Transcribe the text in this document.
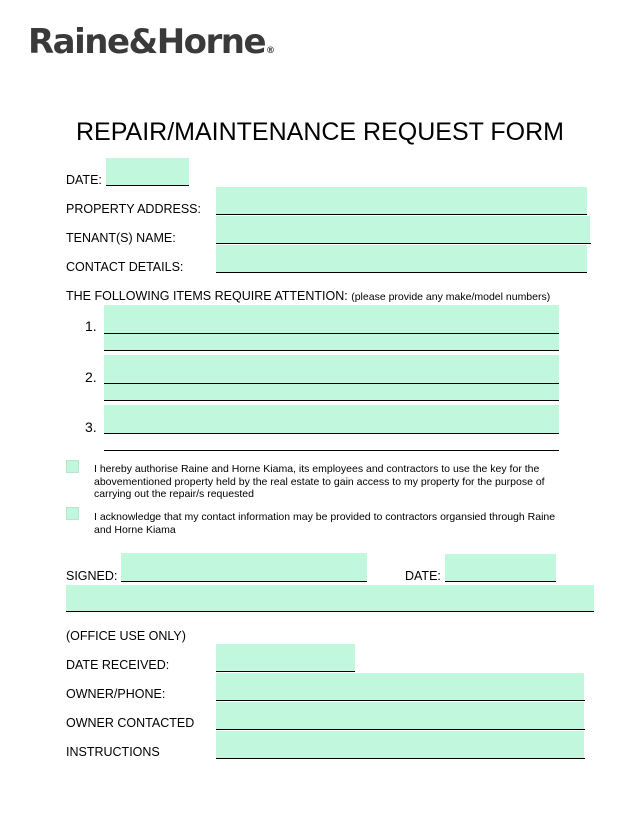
Raine&Horne®
REPAIR/MAINTENANCE REQUEST FORM
DATE:
PROPERTY ADDRESS:
TENANT(S) NAME:
CONTACT DETAILS:
THE FOLLOWING ITEMS REQUIRE ATTENTION: (please provide any make/model numbers)
1.
2.
3.
I hereby authorise Raine and Horne Kiama, its employees and contractors to use the key for the abovementioned property held by the real estate to gain access to my property for the purpose of carrying out the repair/s requested
I acknowledge that my contact information may be provided to contractors organsied through Raine and Horne Kiama
SIGNED:	DATE:
(OFFICE USE ONLY)
DATE RECEIVED:
OWNER/PHONE:
OWNER CONTACTED
INSTRUCTIONS
